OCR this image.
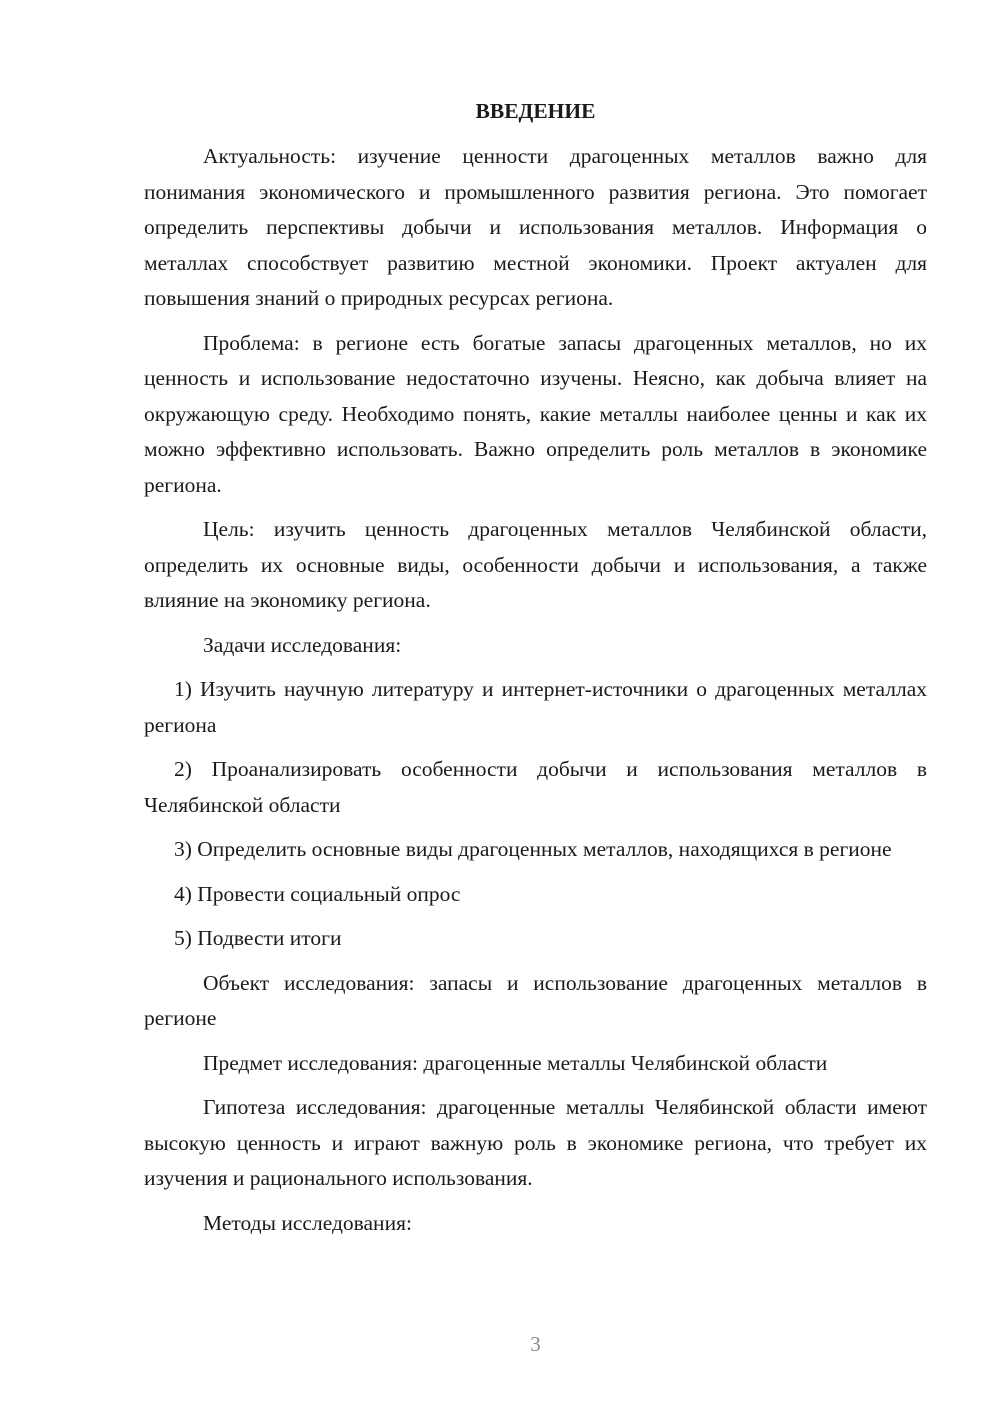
ВВЕДЕНИЕ

Актуальность: изучение ценности драгоценных металлов важно для понимания экономического и промышленного развития региона. Это помогает определить перспективы добычи и использования металлов. Информация о металлах способствует развитию местной экономики. Проект актуален для повышения знаний о природных ресурсах региона.

Проблема: в регионе есть богатые запасы драгоценных металлов, но их ценность и использование недостаточно изучены. Неясно, как добыча влияет на окружающую среду. Необходимо понять, какие металлы наиболее ценны и как их можно эффективно использовать. Важно определить роль металлов в экономике региона.

Цель: изучить ценность драгоценных металлов Челябинской области, определить их основные виды, особенности добычи и использования, а также влияние на экономику региона.

Задачи исследования:

1) Изучить научную литературу и интернет-источники о драгоценных металлах региона

2) Проанализировать особенности добычи и использования металлов в Челябинской области

3) Определить основные виды драгоценных металлов, находящихся в регионе

4) Провести социальный опрос

5) Подвести итоги

Объект исследования: запасы и использование драгоценных металлов в регионе

Предмет исследования: драгоценные металлы Челябинской области

Гипотеза исследования: драгоценные металлы Челябинской области имеют высокую ценность и играют важную роль в экономике региона, что требует их изучения и рационального использования.

Методы исследования:

3
